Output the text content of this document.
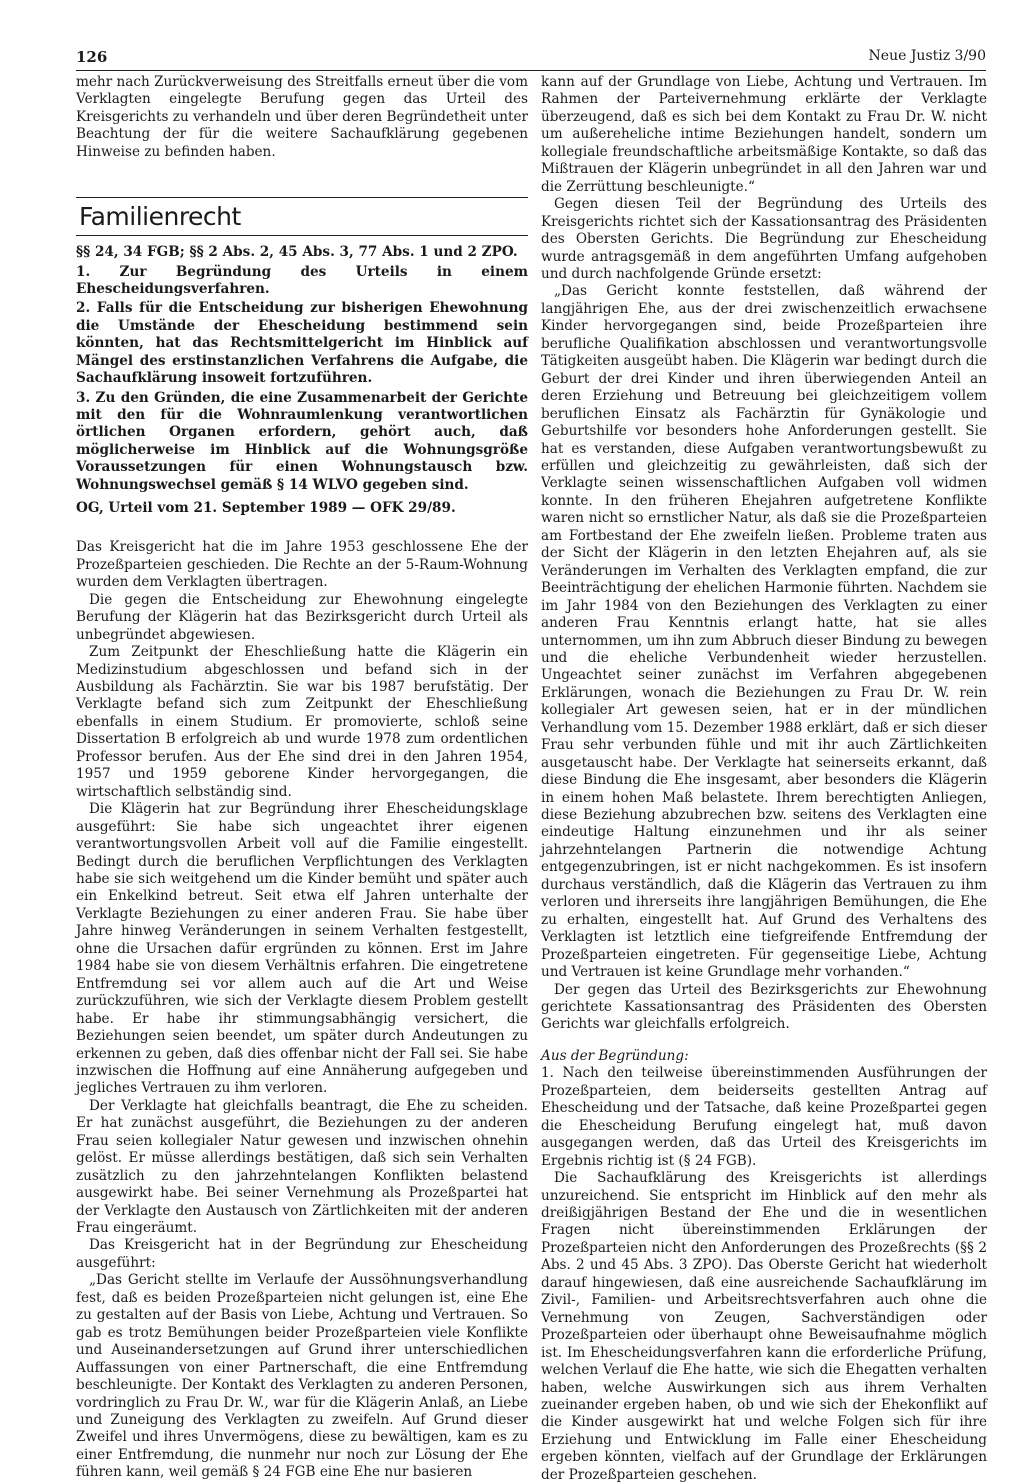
126	Neue Justiz 3/90

mehr nach Zurückverweisung des Streitfalls erneut über die vom Verklagten eingelegte Berufung gegen das Urteil des Kreisgerichts zu verhandeln und über deren Begründetheit unter Beachtung der für die weitere Sachaufklärung gegebenen Hinweise zu befinden haben.

Familienrecht

§§ 24, 34 FGB; §§ 2 Abs. 2, 45 Abs. 3, 77 Abs. 1 und 2 ZPO.

1. Zur Begründung des Urteils in einem Ehescheidungsverfahren.

2. Falls für die Entscheidung zur bisherigen Ehewohnung die Umstände der Ehescheidung bestimmend sein könnten, hat das Rechtsmittelgericht im Hinblick auf Mängel des erstinstanzlichen Verfahrens die Aufgabe, die Sachaufklärung insoweit fortzuführen.

3. Zu den Gründen, die eine Zusammenarbeit der Gerichte mit den für die Wohnraumlenkung verantwortlichen örtlichen Organen erfordern, gehört auch, daß möglicherweise im Hinblick auf die Wohnungsgröße Voraussetzungen für einen Wohnungstausch bzw. Wohnungswechsel gemäß § 14 WLVO gegeben sind.

OG, Urteil vom 21. September 1989 — OFK 29/89.

Das Kreisgericht hat die im Jahre 1953 geschlossene Ehe der Prozeßparteien geschieden. Die Rechte an der 5-Raum-Wohnung wurden dem Verklagten übertragen.

Die gegen die Entscheidung zur Ehewohnung eingelegte Berufung der Klägerin hat das Bezirksgericht durch Urteil als unbegründet abgewiesen.

Zum Zeitpunkt der Eheschließung hatte die Klägerin ein Medizinstudium abgeschlossen und befand sich in der Ausbildung als Fachärztin. Sie war bis 1987 berufstätig. Der Verklagte befand sich zum Zeitpunkt der Eheschließung ebenfalls in einem Studium. Er promovierte, schloß seine Dissertation B erfolgreich ab und wurde 1978 zum ordentlichen Professor berufen. Aus der Ehe sind drei in den Jahren 1954, 1957 und 1959 geborene Kinder hervorgegangen, die wirtschaftlich selbständig sind.

Die Klägerin hat zur Begründung ihrer Ehescheidungsklage ausgeführt: Sie habe sich ungeachtet ihrer eigenen verantwortungsvollen Arbeit voll auf die Familie eingestellt. Bedingt durch die beruflichen Verpflichtungen des Verklagten habe sie sich weitgehend um die Kinder bemüht und später auch ein Enkelkind betreut. Seit etwa elf Jahren unterhalte der Verklagte Beziehungen zu einer anderen Frau. Sie habe über Jahre hinweg Veränderungen in seinem Verhalten festgestellt, ohne die Ursachen dafür ergründen zu können. Erst im Jahre 1984 habe sie von diesem Verhältnis erfahren. Die eingetretene Entfremdung sei vor allem auch auf die Art und Weise zurückzuführen, wie sich der Verklagte diesem Problem gestellt habe. Er habe ihr stimmungsabhängig versichert, die Beziehungen seien beendet, um später durch Andeutungen zu erkennen zu geben, daß dies offenbar nicht der Fall sei. Sie habe inzwischen die Hoffnung auf eine Annäherung aufgegeben und jegliches Vertrauen zu ihm verloren.

Der Verklagte hat gleichfalls beantragt, die Ehe zu scheiden. Er hat zunächst ausgeführt, die Beziehungen zu der anderen Frau seien kollegialer Natur gewesen und inzwischen ohnehin gelöst. Er müsse allerdings bestätigen, daß sich sein Verhalten zusätzlich zu den jahrzehntelangen Konflikten belastend ausgewirkt habe. Bei seiner Vernehmung als Prozeßpartei hat der Verklagte den Austausch von Zärtlichkeiten mit der anderen Frau eingeräumt.

Das Kreisgericht hat in der Begründung zur Ehescheidung ausgeführt:

„Das Gericht stellte im Verlaufe der Aussöhnungsverhandlung fest, daß es beiden Prozeßparteien nicht gelungen ist, eine Ehe zu gestalten auf der Basis von Liebe, Achtung und Vertrauen. So gab es trotz Bemühungen beider Prozeßparteien viele Konflikte und Auseinandersetzungen auf Grund ihrer unterschiedlichen Auffassungen von einer Partnerschaft, die eine Entfremdung beschleunigte. Der Kontakt des Verklagten zu anderen Personen, vordringlich zu Frau Dr. W., war für die Klägerin Anlaß, an Liebe und Zuneigung des Verklagten zu zweifeln. Auf Grund dieser Zweifel und ihres Unvermögens, diese zu bewältigen, kam es zu einer Entfremdung, die nunmehr nur noch zur Lösung der Ehe führen kann, weil gemäß § 24 FGB eine Ehe nur basieren

kann auf der Grundlage von Liebe, Achtung und Vertrauen. Im Rahmen der Parteivernehmung erklärte der Verklagte überzeugend, daß es sich bei dem Kontakt zu Frau Dr. W. nicht um außereheliche intime Beziehungen handelt, sondern um kollegiale freundschaftliche arbeitsmäßige Kontakte, so daß das Mißtrauen der Klägerin unbegründet in all den Jahren war und die Zerrüttung beschleunigte.“

Gegen diesen Teil der Begründung des Urteils des Kreisgerichts richtet sich der Kassationsantrag des Präsidenten des Obersten Gerichts. Die Begründung zur Ehescheidung wurde antragsgemäß in dem angeführten Umfang aufgehoben und durch nachfolgende Gründe ersetzt:

„Das Gericht konnte feststellen, daß während der langjährigen Ehe, aus der drei zwischenzeitlich erwachsene Kinder hervorgegangen sind, beide Prozeßparteien ihre berufliche Qualifikation abschlossen und verantwortungsvolle Tätigkeiten ausgeübt haben. Die Klägerin war bedingt durch die Geburt der drei Kinder und ihren überwiegenden Anteil an deren Erziehung und Betreuung bei gleichzeitigem vollem beruflichen Einsatz als Fachärztin für Gynäkologie und Geburtshilfe vor besonders hohe Anforderungen gestellt. Sie hat es verstanden, diese Aufgaben verantwortungsbewußt zu erfüllen und gleichzeitig zu gewährleisten, daß sich der Verklagte seinen wissenschaftlichen Aufgaben voll widmen konnte. In den früheren Ehejahren aufgetretene Konflikte waren nicht so ernstlicher Natur, als daß sie die Prozeßparteien am Fortbestand der Ehe zweifeln ließen. Probleme traten aus der Sicht der Klägerin in den letzten Ehejahren auf, als sie Veränderungen im Verhalten des Verklagten empfand, die zur Beeinträchtigung der ehelichen Harmonie führten. Nachdem sie im Jahr 1984 von den Beziehungen des Verklagten zu einer anderen Frau Kenntnis erlangt hatte, hat sie alles unternommen, um ihn zum Abbruch dieser Bindung zu bewegen und die eheliche Verbundenheit wieder herzustellen. Ungeachtet seiner zunächst im Verfahren abgegebenen Erklärungen, wonach die Beziehungen zu Frau Dr. W. rein kollegialer Art gewesen seien, hat er in der mündlichen Verhandlung vom 15. Dezember 1988 erklärt, daß er sich dieser Frau sehr verbunden fühle und mit ihr auch Zärtlichkeiten ausgetauscht habe. Der Verklagte hat seinerseits erkannt, daß diese Bindung die Ehe insgesamt, aber besonders die Klägerin in einem hohen Maß belastete. Ihrem berechtigten Anliegen, diese Beziehung abzubrechen bzw. seitens des Verklagten eine eindeutige Haltung einzunehmen und ihr als seiner jahrzehntelangen Partnerin die notwendige Achtung entgegenzubringen, ist er nicht nachgekommen. Es ist insofern durchaus verständlich, daß die Klägerin das Vertrauen zu ihm verloren und ihrerseits ihre langjährigen Bemühungen, die Ehe zu erhalten, eingestellt hat. Auf Grund des Verhaltens des Verklagten ist letztlich eine tiefgreifende Entfremdung der Prozeßparteien eingetreten. Für gegenseitige Liebe, Achtung und Vertrauen ist keine Grundlage mehr vorhanden.“

Der gegen das Urteil des Bezirksgerichts zur Ehewohnung gerichtete Kassationsantrag des Präsidenten des Obersten Gerichts war gleichfalls erfolgreich.

Aus der Begründung:

1. Nach den teilweise übereinstimmenden Ausführungen der Prozeßparteien, dem beiderseits gestellten Antrag auf Ehescheidung und der Tatsache, daß keine Prozeßpartei gegen die Ehescheidung Berufung eingelegt hat, muß davon ausgegangen werden, daß das Urteil des Kreisgerichts im Ergebnis richtig ist (§ 24 FGB).

Die Sachaufklärung des Kreisgerichts ist allerdings unzureichend. Sie entspricht im Hinblick auf den mehr als dreißigjährigen Bestand der Ehe und die in wesentlichen Fragen nicht übereinstimmenden Erklärungen der Prozeßparteien nicht den Anforderungen des Prozeßrechts (§§ 2 Abs. 2 und 45 Abs. 3 ZPO). Das Oberste Gericht hat wiederholt darauf hingewiesen, daß eine ausreichende Sachaufklärung im Zivil-, Familien- und Arbeitsrechtsverfahren auch ohne die Vernehmung von Zeugen, Sachverständigen oder Prozeßparteien oder überhaupt ohne Beweisaufnahme möglich ist. Im Ehescheidungsverfahren kann die erforderliche Prüfung, welchen Verlauf die Ehe hatte, wie sich die Ehegatten verhalten haben, welche Auswirkungen sich aus ihrem Verhalten zueinander ergeben haben, ob und wie sich der Ehekonflikt auf die Kinder ausgewirkt hat und welche Folgen sich für ihre Erziehung und Entwicklung im Falle einer Ehescheidung ergeben könnten, vielfach auf der Grundlage der Erklärungen der Prozeßparteien geschehen.
